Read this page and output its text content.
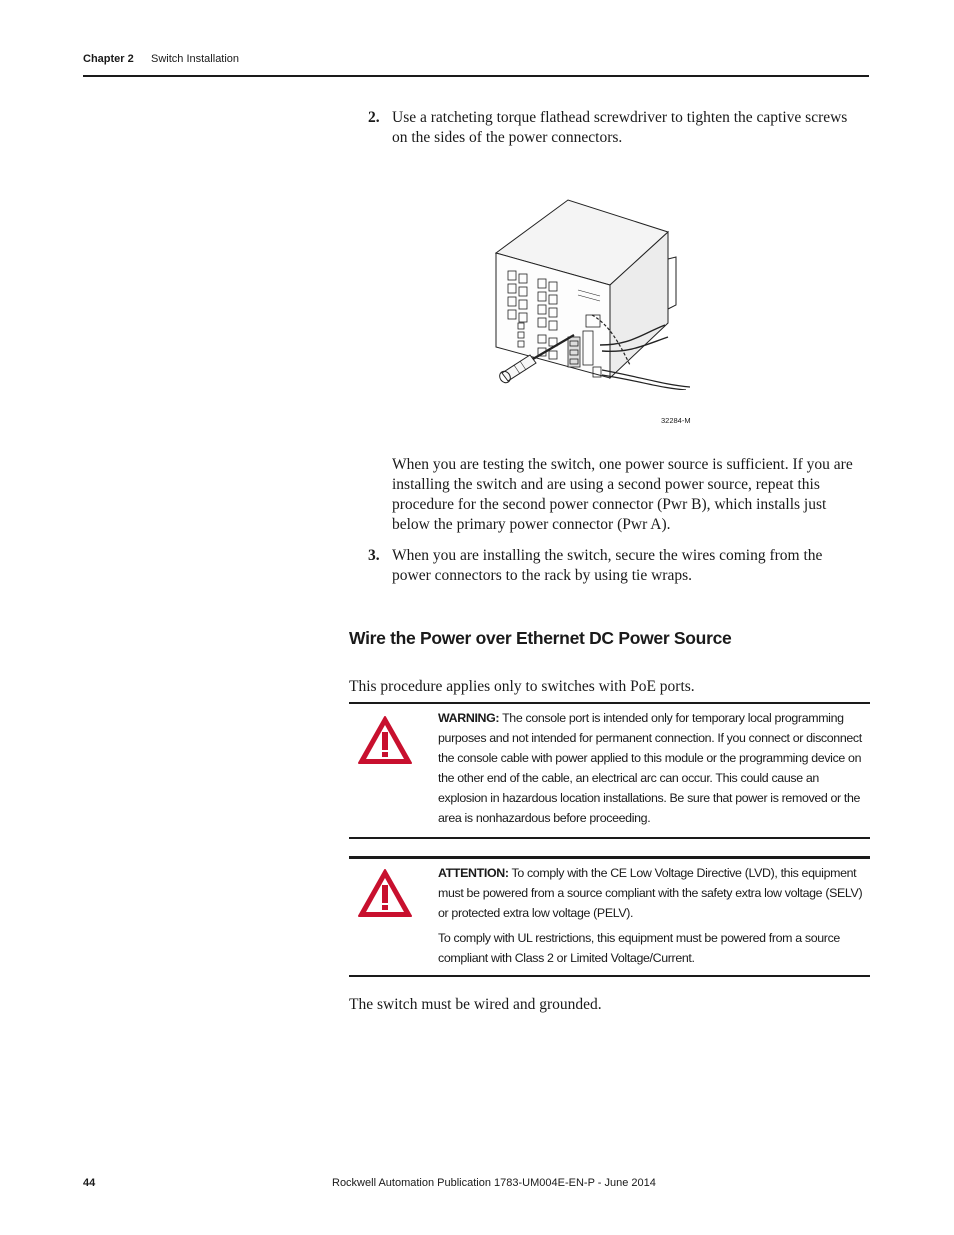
Chapter 2 Switch Installation
2. Use a ratcheting torque flathead screwdriver to tighten the captive screws on the sides of the power connectors.
32284-M
When you are testing the switch, one power source is sufficient. If you are installing the switch and are using a second power source, repeat this procedure for the second power connector (Pwr B), which installs just below the primary power connector (Pwr A).
3. When you are installing the switch, secure the wires coming from the power connectors to the rack by using tie wraps.
Wire the Power over Ethernet DC Power Source
This procedure applies only to switches with PoE ports.

WARNING: The console port is intended only for temporary local programming purposes and not intended for permanent connection. If you connect or disconnect the console cable with power applied to this module or the programming device on the other end of the cable, an electrical arc can occur. This could cause an explosion in hazardous location installations. Be sure that power is removed or the area is nonhazardous before proceeding.

ATTENTION: To comply with the CE Low Voltage Directive (LVD), this equipment must be powered from a source compliant with the safety extra low voltage (SELV) or protected extra low voltage (PELV).

To comply with UL restrictions, this equipment must be powered from a source compliant with Class 2 or Limited Voltage/Current.

The switch must be wired and grounded.
44	Rockwell Automation Publication 1783-UM004E-EN-P - June 2014
